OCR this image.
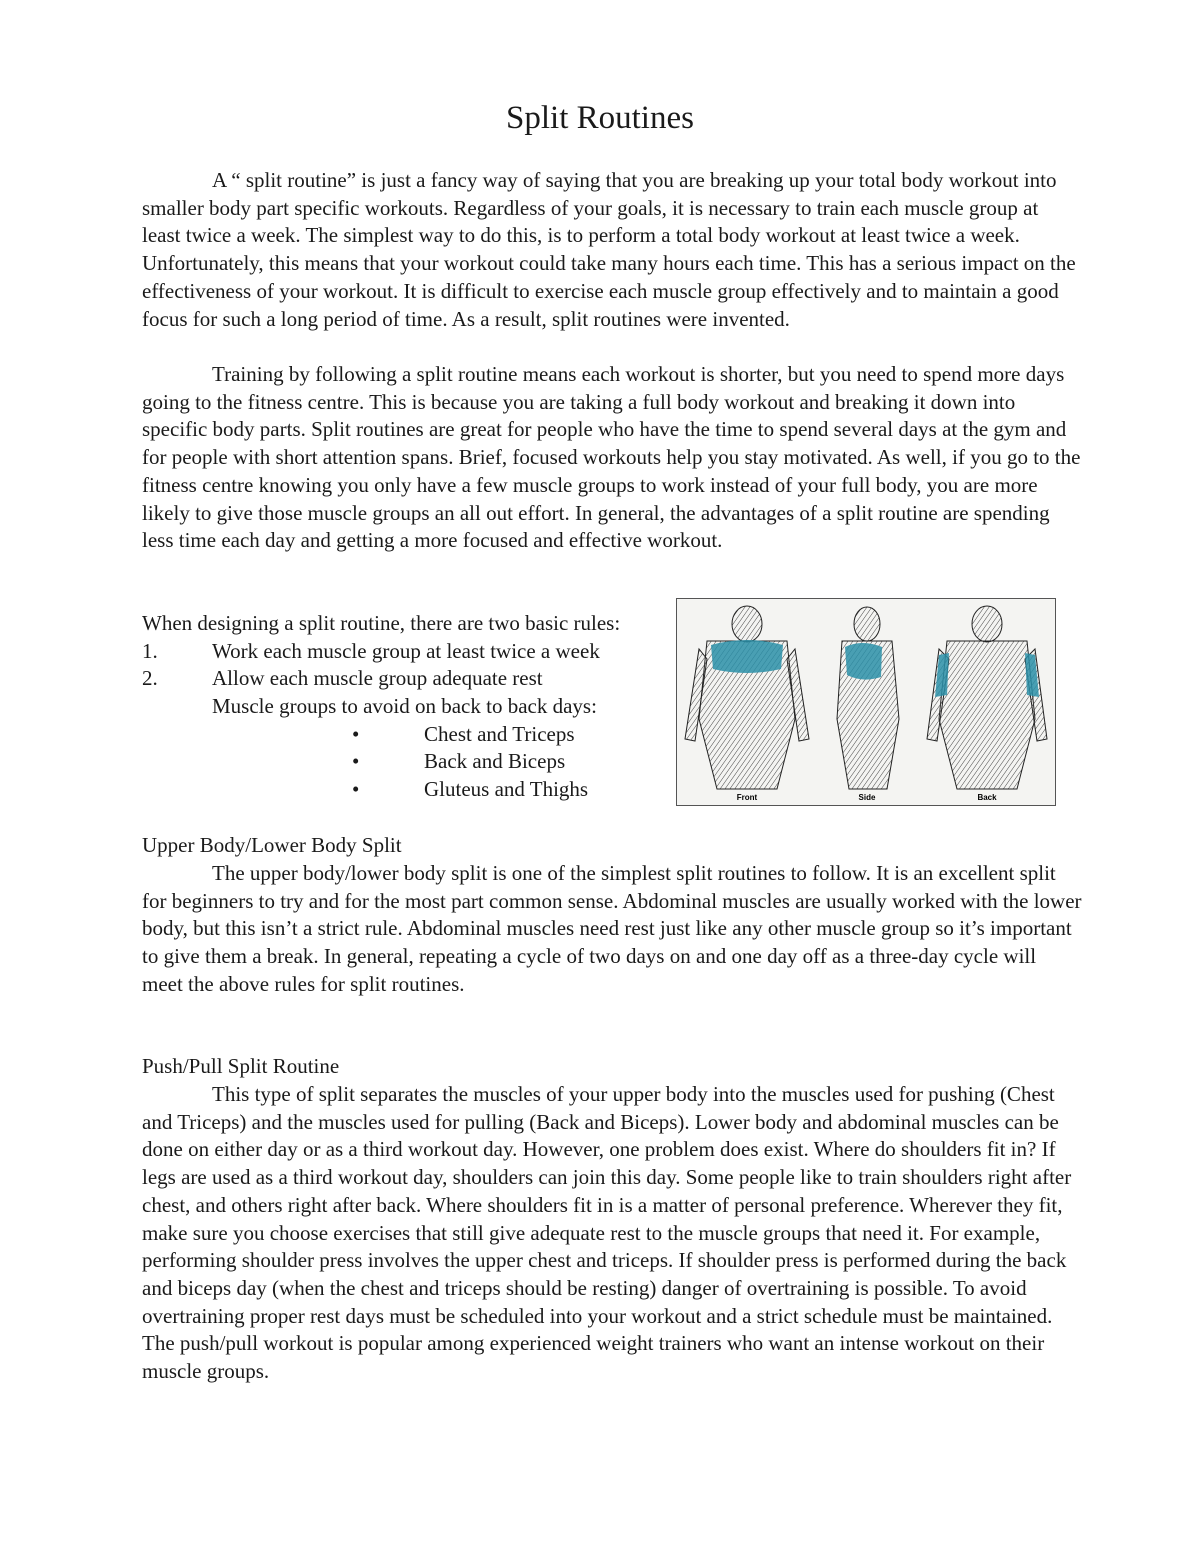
Split Routines

A “ split routine” is just a fancy way of saying that you are breaking up your total body workout into smaller body part specific workouts. Regardless of your goals, it is necessary to train each muscle group at least twice a week. The simplest way to do this, is to perform a total body workout at least twice a week. Unfortunately, this means that your workout could take many hours each time. This has a serious impact on the effectiveness of your workout. It is difficult to exercise each muscle group effectively and to maintain a good focus for such a long period of time. As a result, split routines were invented.

Training by following a split routine means each workout is shorter, but you need to spend more days going to the fitness centre. This is because you are taking a full body workout and breaking it down into specific body parts. Split routines are great for people who have the time to spend several days at the gym and for people with short attention spans. Brief, focused workouts help you stay motivated. As well, if you go to the fitness centre knowing you only have a few muscle groups to work instead of your full body, you are more likely to give those muscle groups an all out effort. In general, the advantages of a split routine are spending less time each day and getting a more focused and effective workout.

When designing a split routine, there are two basic rules:
1.	Work each muscle group at least twice a week
2.	Allow each muscle group adequate rest
Muscle groups to avoid on back to back days:
•	Chest and Triceps
•	Back and Biceps
•	Gluteus and Thighs	Front	Side	Back
Upper Body/Lower Body Split

The upper body/lower body split is one of the simplest split routines to follow. It is an excellent split for beginners to try and for the most part common sense. Abdominal muscles are usually worked with the lower body, but this isn’t a strict rule. Abdominal muscles need rest just like any other muscle group so it’s important to give them a break. In general, repeating a cycle of two days on and one day off as a three-day cycle will meet the above rules for split routines.

Push/Pull Split Routine

This type of split separates the muscles of your upper body into the muscles used for pushing (Chest and Triceps) and the muscles used for pulling (Back and Biceps). Lower body and abdominal muscles can be done on either day or as a third workout day. However, one problem does exist. Where do shoulders fit in? If legs are used as a third workout day, shoulders can join this day. Some people like to train shoulders right after chest, and others right after back. Where shoulders fit in is a matter of personal preference. Wherever they fit, make sure you choose exercises that still give adequate rest to the muscle groups that need it. For example, performing shoulder press involves the upper chest and triceps. If shoulder press is performed during the back and biceps day (when the chest and triceps should be resting) danger of overtraining is possible. To avoid overtraining proper rest days must be scheduled into your workout and a strict schedule must be maintained. The push/pull workout is popular among experienced weight trainers who want an intense workout on their muscle groups.
